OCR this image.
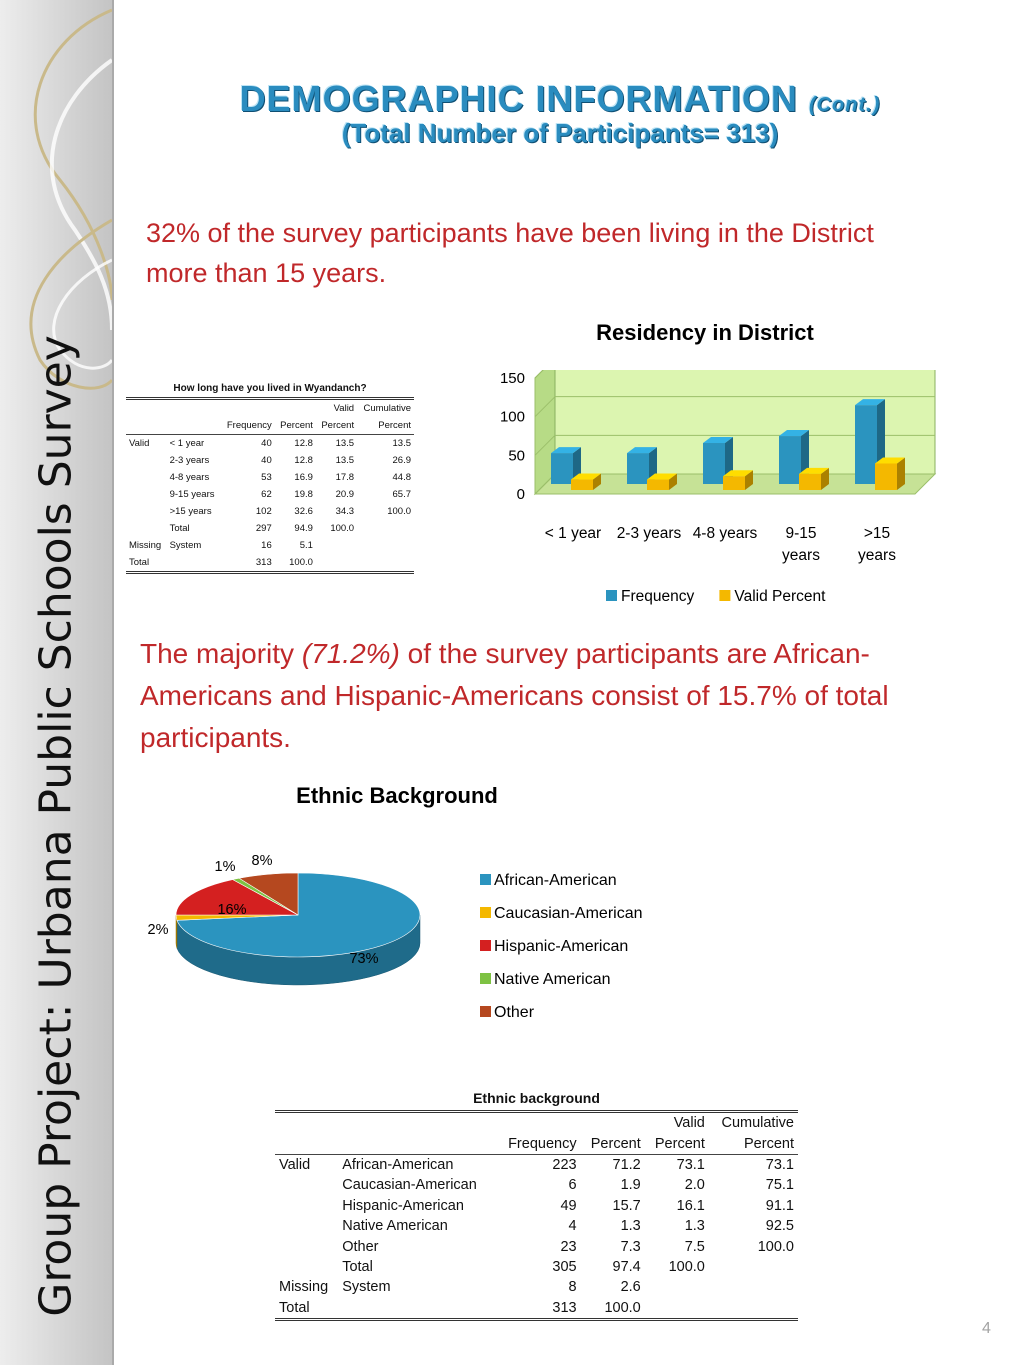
Group Project: Urbana Public Schools Survey
DEMOGRAPHIC INFORMATION (Cont.)
(Total Number of Participants= 313)
32% of the survey participants have been living in the District more than 15 years.
How long have you lived in Wyandanch?
				Valid	Cumulative
		Frequency	Percent	Percent	Percent
Valid	< 1 year	40	12.8	13.5	13.5
	2-3 years	40	12.8	13.5	26.9
	4-8 years	53	16.9	17.8	44.8
	9-15 years	62	19.8	20.9	65.7
	>15 years	102	32.6	34.3	100.0
	Total	297	94.9	100.0	
Missing	System	16	5.1		
Total		313	100.0		
Residency in District
0
50
100
150
< 1 year 2-3 years 4-8 years 9-15
years
>15
years
Frequency	Valid Percent
The majority (71.2%) of the survey participants are African-Americans and Hispanic-Americans consist of 15.7% of total participants.
Ethnic Background
73%
2%
16%
1% 8%
African-American
Caucasian-American
Hispanic-American
Native American
Other
Ethnic background
				Valid	Cumulative
		Frequency	Percent	Percent	Percent
Valid	African-American	223	71.2	73.1	73.1
	Caucasian-American	6	1.9	2.0	75.1
	Hispanic-American	49	15.7	16.1	91.1
	Native American	4	1.3	1.3	92.5
	Other	23	7.3	7.5	100.0
	Total	305	97.4	100.0	
Missing	System	8	2.6		
Total		313	100.0		
4
